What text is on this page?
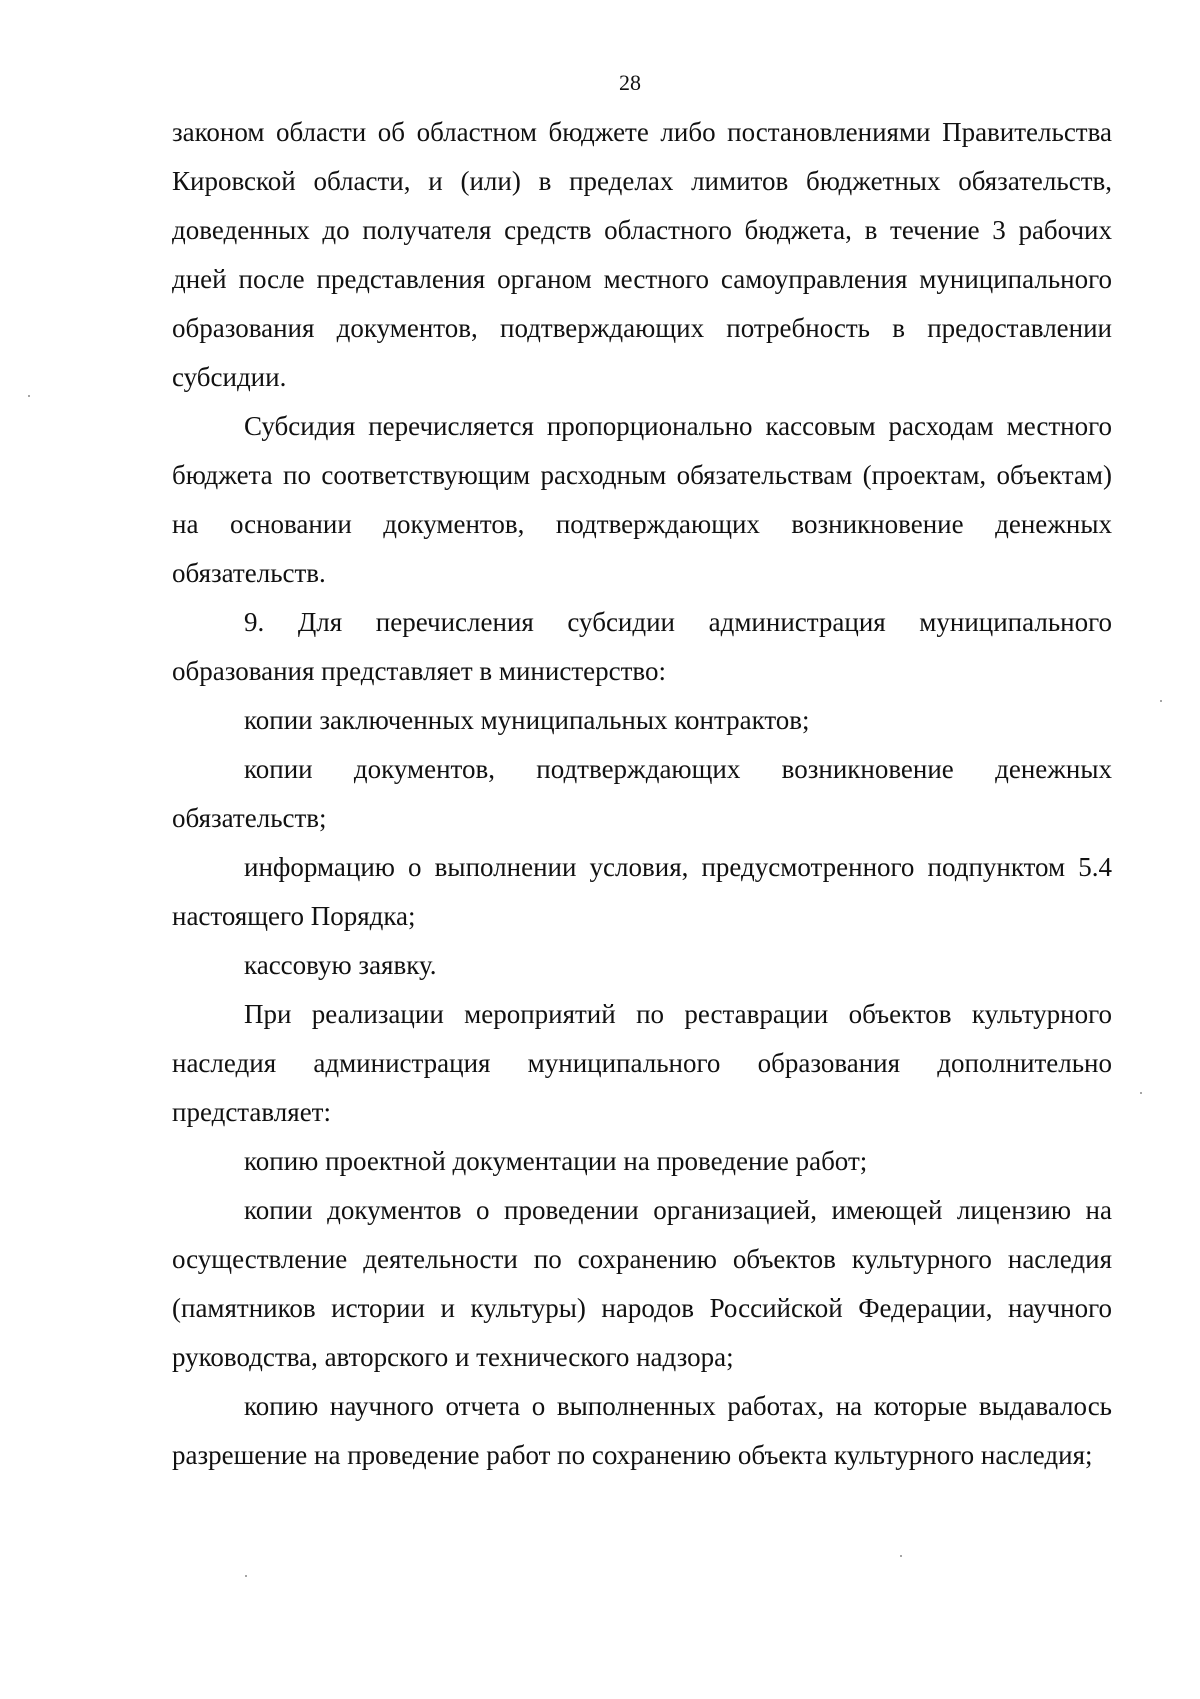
28

законом области об областном бюджете либо постановлениями Правительства Кировской области, и (или) в пределах лимитов бюджетных обязательств, доведенных до получателя средств областного бюджета, в течение 3 рабочих дней после представления органом местного самоуправления муниципального образования документов, подтверждающих потребность в предоставлении субсидии.

Субсидия перечисляется пропорционально кассовым расходам местного бюджета по соответствующим расходным обязательствам (проектам, объектам) на основании документов, подтверждающих возникновение денежных обязательств.

9. Для перечисления субсидии администрация муниципального образования представляет в министерство:

копии заключенных муниципальных контрактов;

копии документов, подтверждающих возникновение денежных обязательств;

информацию о выполнении условия, предусмотренного подпунктом 5.4 настоящего Порядка;

кассовую заявку.

При реализации мероприятий по реставрации объектов культурного наследия администрация муниципального образования дополнительно представляет:

копию проектной документации на проведение работ;

копии документов о проведении организацией, имеющей лицензию на осуществление деятельности по сохранению объектов культурного наследия (памятников истории и культуры) народов Российской Федерации, научного руководства, авторского и технического надзора;

копию научного отчета о выполненных работах, на которые выдавалось разрешение на проведение работ по сохранению объекта культурного наследия;
